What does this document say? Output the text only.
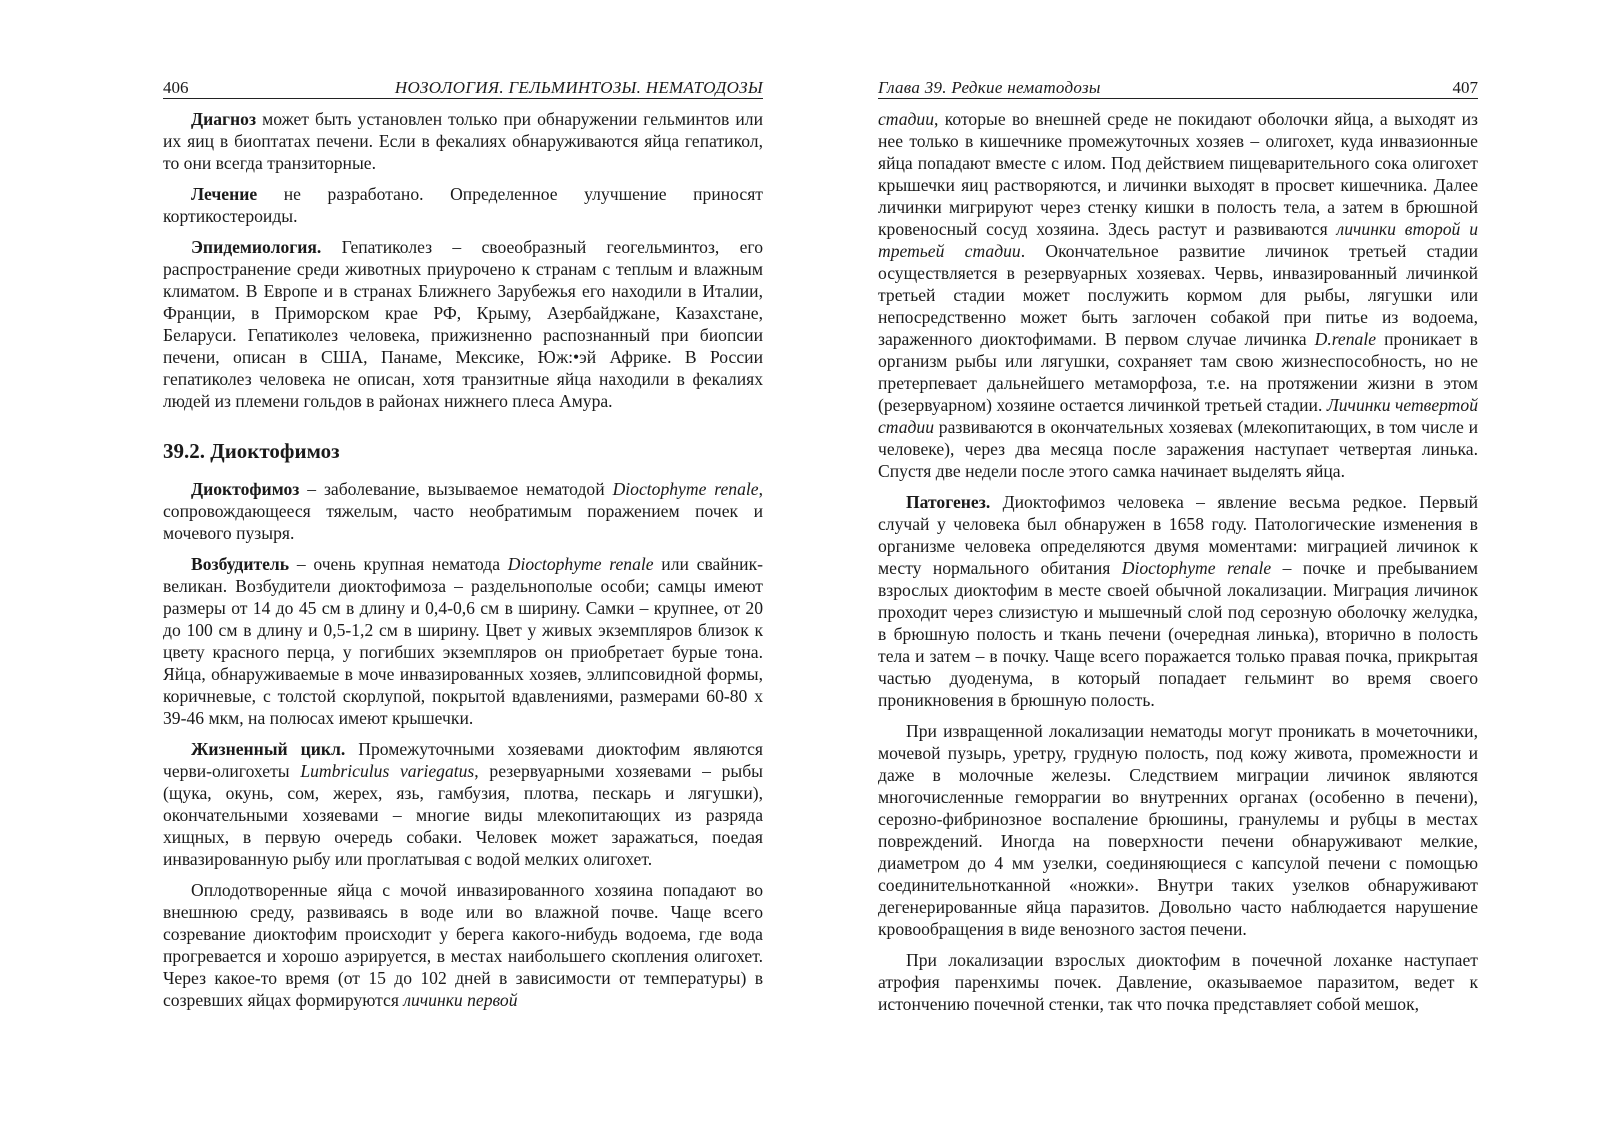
406	НОЗОЛОГИЯ. ГЕЛЬМИНТОЗЫ. НЕМАТОДОЗЫ

Диагноз может быть установлен только при обнаружении гельминтов или их яиц в биоптатах печени. Если в фекалиях обнаруживаются яйца гепатикол, то они всегда транзиторные.

Лечение не разработано. Определенное улучшение приносят кортикостероиды.

Эпидемиология. Гепатиколез – своеобразный геогельминтоз, его распространение среди животных приурочено к странам с теплым и влажным климатом. В Европе и в странах Ближнего Зарубежья его находили в Италии, Франции, в Приморском крае РФ, Крыму, Азербайджане, Казахстане, Беларуси. Гепатиколез человека, прижизненно распознанный при биопсии печени, описан в США, Панаме, Мексике, Юж:•эй Африке. В России гепатиколез человека не описан, хотя транзитные яйца находили в фекалиях людей из племени гольдов в районах нижнего плеса Амура.

39.2. Диоктофимоз

Диоктофимоз – заболевание, вызываемое нематодой Dioctophyme renale, сопровождающееся тяжелым, часто необратимым поражением почек и мочевого пузыря.

Возбудитель – очень крупная нематода Dioctophyme renale или свайник-великан. Возбудители диоктофимоза – раздельнополые особи; самцы имеют размеры от 14 до 45 см в длину и 0,4-0,6 см в ширину. Самки – крупнее, от 20 до 100 см в длину и 0,5-1,2 см в ширину. Цвет у живых экземпляров близок к цвету красного перца, у погибших экземпляров он приобретает бурые тона. Яйца, обнаруживаемые в моче инвазированных хозяев, эллипсовидной формы, коричневые, с толстой скорлупой, покрытой вдавлениями, размерами 60-80 х 39-46 мкм, на полюсах имеют крышечки.

Жизненный цикл. Промежуточными хозяевами диоктофим являются черви-олигохеты Lumbriculus variegatus, резервуарными хозяевами – рыбы (щука, окунь, сом, жерех, язь, гамбузия, плотва, пескарь и лягушки), окончательными хозяевами – многие виды млекопитающих из разряда хищных, в первую очередь собаки. Человек может заражаться, поедая инвазированную рыбу или проглатывая с водой мелких олигохет.

Оплодотворенные яйца с мочой инвазированного хозяина попадают во внешнюю среду, развиваясь в воде или во влажной почве. Чаще всего созревание диоктофим происходит у берега какого-нибудь водоема, где вода прогревается и хорошо аэрируется, в местах наибольшего скопления олигохет. Через какое-то время (от 15 до 102 дней в зависимости от температуры) в созревших яйцах формируются личинки первой

Глава 39. Редкие нематодозы	407

стадии, которые во внешней среде не покидают оболочки яйца, а выходят из нее только в кишечнике промежуточных хозяев – олигохет, куда инвазионные яйца попадают вместе с илом. Под действием пищеварительного сока олигохет крышечки яиц растворяются, и личинки выходят в просвет кишечника. Далее личинки мигрируют через стенку кишки в полость тела, а затем в брюшной кровеносный сосуд хозяина. Здесь растут и развиваются личинки второй и третьей стадии. Окончательное развитие личинок третьей стадии осуществляется в резервуарных хозяевах. Червь, инвазированный личинкой третьей стадии может послужить кормом для рыбы, лягушки или непосредственно может быть заглочен собакой при питье из водоема, зараженного диоктофимами. В первом случае личинка D.renale проникает в организм рыбы или лягушки, сохраняет там свою жизнеспособность, но не претерпевает дальнейшего метаморфоза, т.е. на протяжении жизни в этом (резервуарном) хозяине остается личинкой третьей стадии. Личинки четвертой стадии развиваются в окончательных хозяевах (млекопитающих, в том числе и человеке), через два месяца после заражения наступает четвертая линька. Спустя две недели после этого самка начинает выделять яйца.

Патогенез. Диоктофимоз человека – явление весьма редкое. Первый случай у человека был обнаружен в 1658 году. Патологические изменения в организме человека определяются двумя моментами: миграцией личинок к месту нормального обитания Dioctophyme renale – почке и пребыванием взрослых диоктофим в месте своей обычной локализации. Миграция личинок проходит через слизистую и мышечный слой под серозную оболочку желудка, в брюшную полость и ткань печени (очередная линька), вторично в полость тела и затем – в почку. Чаще всего поражается только правая почка, прикрытая частью дуоденума, в который попадает гельминт во время своего проникновения в брюшную полость.

При извращенной локализации нематоды могут проникать в мочеточники, мочевой пузырь, уретру, грудную полость, под кожу живота, промежности и даже в молочные железы. Следствием миграции личинок являются многочисленные геморрагии во внутренних органах (особенно в печени), серозно-фибринозное воспаление брюшины, гранулемы и рубцы в местах повреждений. Иногда на поверхности печени обнаруживают мелкие, диаметром до 4 мм узелки, соединяющиеся с капсулой печени с помощью соединительнотканной «ножки». Внутри таких узелков обнаруживают дегенерированные яйца паразитов. Довольно часто наблюдается нарушение кровообращения в виде венозного застоя печени.

При локализации взрослых диоктофим в почечной лоханке наступает атрофия паренхимы почек. Давление, оказываемое паразитом, ведет к истончению почечной стенки, так что почка представляет собой мешок,
